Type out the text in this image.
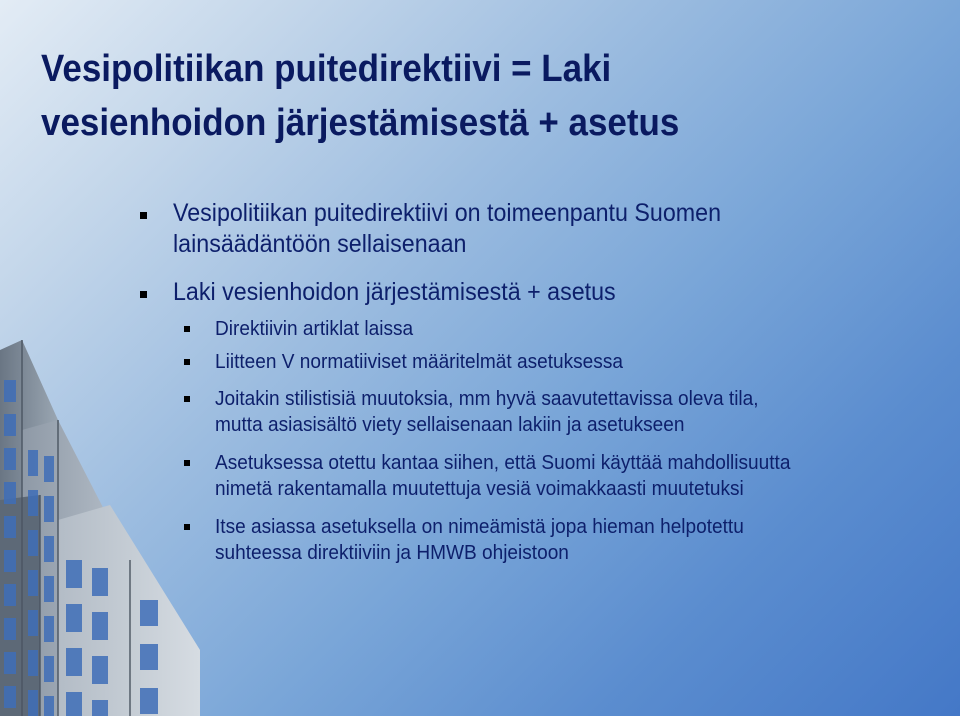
Vesipolitiikan puitedirektiivi = Laki
vesienhoidon järjestämisestä + asetus
Vesipolitiikan puitedirektiivi on toimeenpantu Suomen
lainsäädäntöön sellaisenaan
Laki vesienhoidon järjestämisestä + asetus
Direktiivin artiklat laissa
Liitteen V normatiiviset määritelmät asetuksessa
Joitakin stilistisiä muutoksia, mm hyvä saavutettavissa oleva tila,
mutta asiasisältö viety sellaisenaan lakiin ja asetukseen
Asetuksessa otettu kantaa siihen, että Suomi käyttää mahdollisuutta
nimetä rakentamalla muutettuja vesiä voimakkaasti muutetuksi
Itse asiassa asetuksella on nimeämistä jopa hieman helpotettu
suhteessa direktiiviin ja HMWB ohjeistoon
